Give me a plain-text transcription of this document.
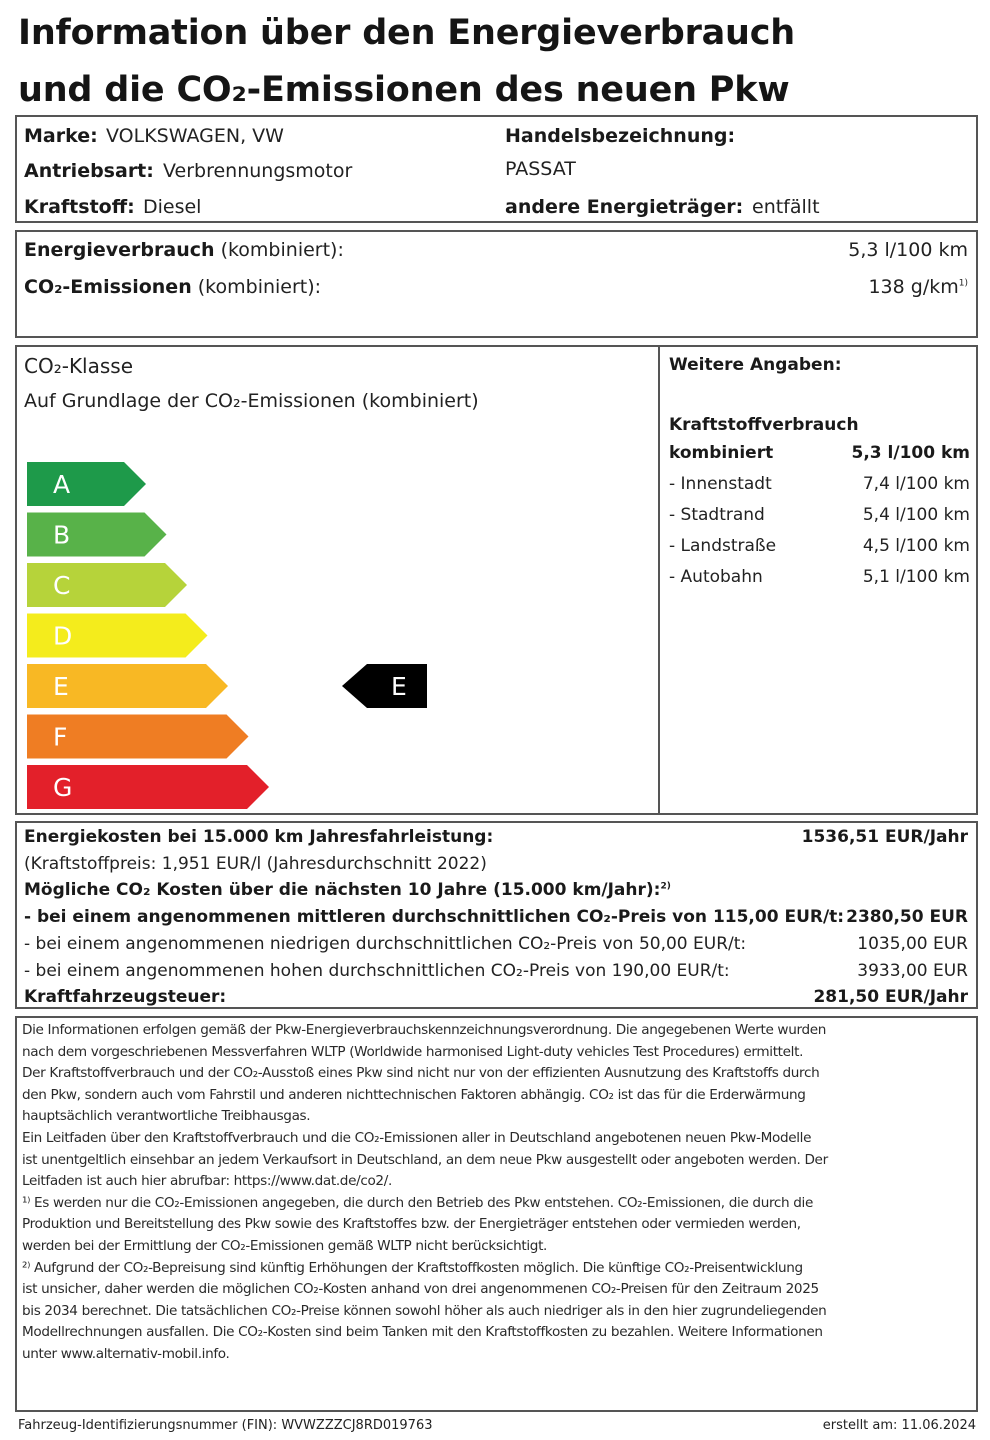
Information über den Energieverbrauch
und die CO₂-Emissionen des neuen Pkw
Marke: VOLKSWAGEN, VW
Antriebsart: Verbrennungsmotor
Kraftstoff: Diesel
Handelsbezeichnung:
PASSAT
andere Energieträger: entfällt
Energieverbrauch (kombiniert):	5,3 l/100 km
CO₂-Emissionen (kombiniert):	138 $g/km^{1)}$
CO₂-Klasse
Auf Grundlage der CO₂-Emissionen (kombiniert)
A
B
C
D
E
F
G
E
Weitere Angaben:
Kraftstoffverbrauch
kombiniert	5,3 l/100 km
- Innenstadt	7,4 l/100 km
- Stadtrand	5,4 l/100 km
- Landstraße	4,5 l/100 km
- Autobahn	5,1 l/100 km
Energiekosten bei 15.000 km Jahresfahrleistung:	1536,51 EUR/Jahr
(Kraftstoffpreis: 1,951 EUR/l (Jahresdurchschnitt 2022)
Mögliche CO₂ Kosten über die nächsten 10 Jahre (15.000 km/Jahr):$^{2)}$
- bei einem angenommenen mittleren durchschnittlichen CO₂-Preis von 115,00 EUR/t: 2380,50 EUR
- bei einem angenommenen niedrigen durchschnittlichen CO₂-Preis von 50,00 EUR/t:	1035,00 EUR
- bei einem angenommenen hohen durchschnittlichen CO₂-Preis von 190,00 EUR/t:	3933,00 EUR
Kraftfahrzeugsteuer:	281,50 EUR/Jahr
Die Informationen erfolgen gemäß der Pkw-Energieverbrauchskennzeichnungsverordnung. Die angegebenen Werte wurden
nach dem vorgeschriebenen Messverfahren WLTP (Worldwide harmonised Light-duty vehicles Test Procedures) ermittelt.
Der Kraftstoffverbrauch und der CO₂-Ausstoß eines Pkw sind nicht nur von der effizienten Ausnutzung des Kraftstoffs durch
den Pkw, sondern auch vom Fahrstil und anderen nichttechnischen Faktoren abhängig. CO₂ ist das für die Erderwärmung
hauptsächlich verantwortliche Treibhausgas.
Ein Leitfaden über den Kraftstoffverbrauch und die CO₂-Emissionen aller in Deutschland angebotenen neuen Pkw-Modelle
ist unentgeltlich einsehbar an jedem Verkaufsort in Deutschland, an dem neue Pkw ausgestellt oder angeboten werden. Der
Leitfaden ist auch hier abrufbar: https://www.dat.de/co2/.
¹⁾ Es werden nur die CO₂-Emissionen angegeben, die durch den Betrieb des Pkw entstehen. CO₂-Emissionen, die durch die
Produktion und Bereitstellung des Pkw sowie des Kraftstoffes bzw. der Energieträger entstehen oder vermieden werden,
werden bei der Ermittlung der CO₂-Emissionen gemäß WLTP nicht berücksichtigt.
²⁾ Aufgrund der CO₂-Bepreisung sind künftig Erhöhungen der Kraftstoffkosten möglich. Die künftige CO₂-Preisentwicklung
ist unsicher, daher werden die möglichen CO₂-Kosten anhand von drei angenommenen CO₂-Preisen für den Zeitraum 2025
bis 2034 berechnet. Die tatsächlichen CO₂-Preise können sowohl höher als auch niedriger als in den hier zugrundeliegenden
Modellrechnungen ausfallen. Die CO₂-Kosten sind beim Tanken mit den Kraftstoffkosten zu bezahlen. Weitere Informationen
unter www.alternativ-mobil.info.
Fahrzeug-Identifizierungsnummer (FIN): WVWZZZCJ8RD019763	erstellt am: 11.06.2024
